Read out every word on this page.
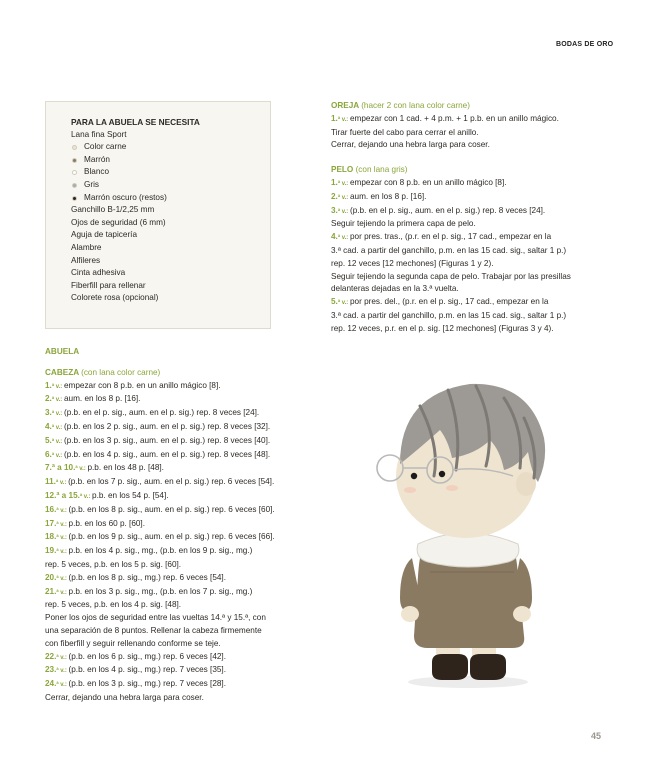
BODAS DE ORO
PARA LA ABUELA SE NECESITA
Lana fina Sport
Color carne
Marrón
Blanco
Gris
Marrón oscuro (restos)
Ganchillo B-1/2,25 mm
Ojos de seguridad (6 mm)
Aguja de tapicería
Alambre
Alfileres
Cinta adhesiva
Fiberfill para rellenar
Colorete rosa (opcional)
ABUELA
CABEZA (con lana color carne)
1.ª v.: empezar con 8 p.b. en un anillo mágico [8].
2.ª v.: aum. en los 8 p. [16].
3.ª v.: (p.b. en el p. sig., aum. en el p. sig.) rep. 8 veces [24].
4.ª v.: (p.b. en los 2 p. sig., aum. en el p. sig.) rep. 8 veces [32].
5.ª v.: (p.b. en los 3 p. sig., aum. en el p. sig.) rep. 8 veces [40].
6.ª v.: (p.b. en los 4 p. sig., aum. en el p. sig.) rep. 8 veces [48].
7.ª a 10.ª v.: p.b. en los 48 p. [48].
11.ª v.: (p.b. en los 7 p. sig., aum. en el p. sig.) rep. 6 veces [54].
12.ª a 15.ª v.: p.b. en los 54 p. [54].
16.ª v.: (p.b. en los 8 p. sig., aum. en el p. sig.) rep. 6 veces [60].
17.ª v.: p.b. en los 60 p. [60].
18.ª v.: (p.b. en los 9 p. sig., aum. en el p. sig.) rep. 6 veces [66].
19.ª v.: p.b. en los 4 p. sig., mg., (p.b. en los 9 p. sig., mg.)
rep. 5 veces, p.b. en los 5 p. sig. [60].
20.ª v.: (p.b. en los 8 p. sig., mg.) rep. 6 veces [54].
21.ª v.: p.b. en los 3 p. sig., mg., (p.b. en los 7 p. sig., mg.)
rep. 5 veces, p.b. en los 4 p. sig. [48].
Poner los ojos de seguridad entre las vueltas 14.ª y 15.ª, con
una separación de 8 puntos. Rellenar la cabeza firmemente
con fiberfill y seguir rellenando conforme se teje.
22.ª v.: (p.b. en los 6 p. sig., mg.) rep. 6 veces [42].
23.ª v.: (p.b. en los 4 p. sig., mg.) rep. 7 veces [35].
24.ª v.: (p.b. en los 3 p. sig., mg.) rep. 7 veces [28].
Cerrar, dejando una hebra larga para coser.
OREJA (hacer 2 con lana color carne)
1.ª v.: empezar con 1 cad. + 4 p.m. + 1 p.b. en un anillo mágico.
Tirar fuerte del cabo para cerrar el anillo.
Cerrar, dejando una hebra larga para coser.
PELO (con lana gris)
1.ª v.: empezar con 8 p.b. en un anillo mágico [8].
2.ª v.: aum. en los 8 p. [16].
3.ª v.: (p.b. en el p. sig., aum. en el p. sig.) rep. 8 veces [24].
Seguir tejiendo la primera capa de pelo.
4.ª v.: por pres. tras., (p.r. en el p. sig., 17 cad., empezar en la
3.ª cad. a partir del ganchillo, p.m. en las 15 cad. sig., saltar 1 p.)
rep. 12 veces [12 mechones] (Figuras 1 y 2).
Seguir tejiendo la segunda capa de pelo. Trabajar por las presillas
delanteras dejadas en la 3.ª vuelta.
5.ª v.: por pres. del., (p.r. en el p. sig., 17 cad., empezar en la
3.ª cad. a partir del ganchillo, p.m. en las 15 cad. sig., saltar 1 p.)
rep. 12 veces, p.r. en el p. sig. [12 mechones] (Figuras 3 y 4).
45
